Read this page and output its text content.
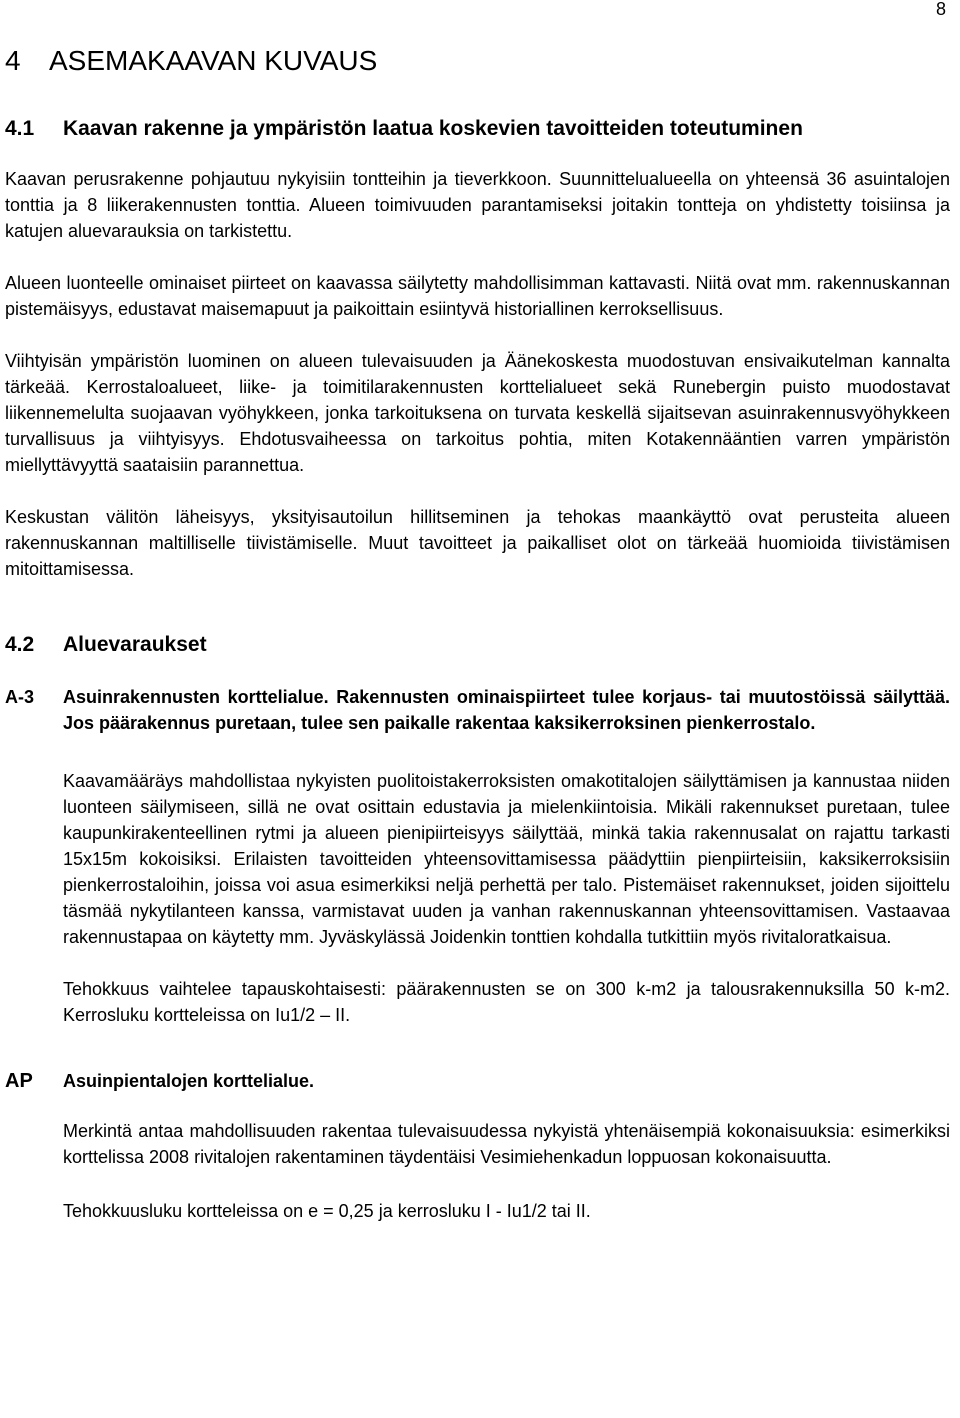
8
4	ASEMAKAAVAN KUVAUS
4.1	Kaavan rakenne ja ympäristön laatua koskevien tavoitteiden toteutuminen

Kaavan perusrakenne pohjautuu nykyisiin tontteihin ja tieverkkoon. Suunnittelualueella on yhteensä 36 asuintalojen tonttia ja 8 liikerakennusten tonttia. Alueen toimivuuden parantamiseksi joitakin tontteja on yhdistetty toisiinsa ja katujen aluevarauksia on tarkistettu.

Alueen luonteelle ominaiset piirteet on kaavassa säilytetty mahdollisimman kattavasti. Niitä ovat mm. rakennuskannan pistemäisyys, edustavat maisemapuut ja paikoittain esiintyvä historiallinen kerroksellisuus.

Viihtyisän ympäristön luominen on alueen tulevaisuuden ja Äänekoskesta muodostuvan ensivaikutelman kannalta tärkeää. Kerrostaloalueet, liike- ja toimitilarakennusten korttelialueet sekä Runebergin puisto muodostavat liikennemelulta suojaavan vyöhykkeen, jonka tarkoituksena on turvata keskellä sijaitsevan asuinrakennusvyöhykkeen turvallisuus ja viihtyisyys. Ehdotusvaiheessa on tarkoitus pohtia, miten Kotakennääntien varren ympäristön miellyttävyyttä saataisiin parannettua.

Keskustan välitön läheisyys, yksityisautoilun hillitseminen ja tehokas maankäyttö ovat perusteita alueen rakennuskannan maltilliselle tiivistämiselle. Muut tavoitteet ja paikalliset olot on tärkeää huomioida tiivistämisen mitoittamisessa.

4.2	Aluevaraukset
A-3	Asuinrakennusten korttelialue. Rakennusten ominaispiirteet tulee korjaus- tai muutostöissä säilyttää. Jos päärakennus puretaan, tulee sen paikalle rakentaa kaksikerroksinen pienkerrostalo.

Kaavamääräys mahdollistaa nykyisten puolitoistakerroksisten omakotitalojen säilyttämisen ja kannustaa niiden luonteen säilymiseen, sillä ne ovat osittain edustavia ja mielenkiintoisia. Mikäli rakennukset puretaan, tulee kaupunkirakenteellinen rytmi ja alueen pienipiirteisyys säilyttää, minkä takia rakennusalat on rajattu tarkasti 15x15m kokoisiksi. Erilaisten tavoitteiden yhteensovittamisessa päädyttiin pienpiirteisiin, kaksikerroksisiin pienkerrostaloihin, joissa voi asua esimerkiksi neljä perhettä per talo. Pistemäiset rakennukset, joiden sijoittelu täsmää nykytilanteen kanssa, varmistavat uuden ja vanhan rakennuskannan yhteensovittamisen. Vastaavaa rakennustapaa on käytetty mm. Jyväskylässä Joidenkin tonttien kohdalla tutkittiin myös rivitaloratkaisua.

Tehokkuus vaihtelee tapauskohtaisesti: päärakennusten se on 300 k-m2 ja talousrakennuksilla 50 k-m2. Kerrosluku kortteleissa on Iu1/2 – II.

AP	Asuinpientalojen korttelialue.

Merkintä antaa mahdollisuuden rakentaa tulevaisuudessa nykyistä yhtenäisempiä kokonaisuuksia: esimerkiksi korttelissa 2008 rivitalojen rakentaminen täydentäisi Vesimiehenkadun loppuosan kokonaisuutta.

Tehokkuusluku kortteleissa on e = 0,25 ja kerrosluku I - Iu1/2 tai II.
